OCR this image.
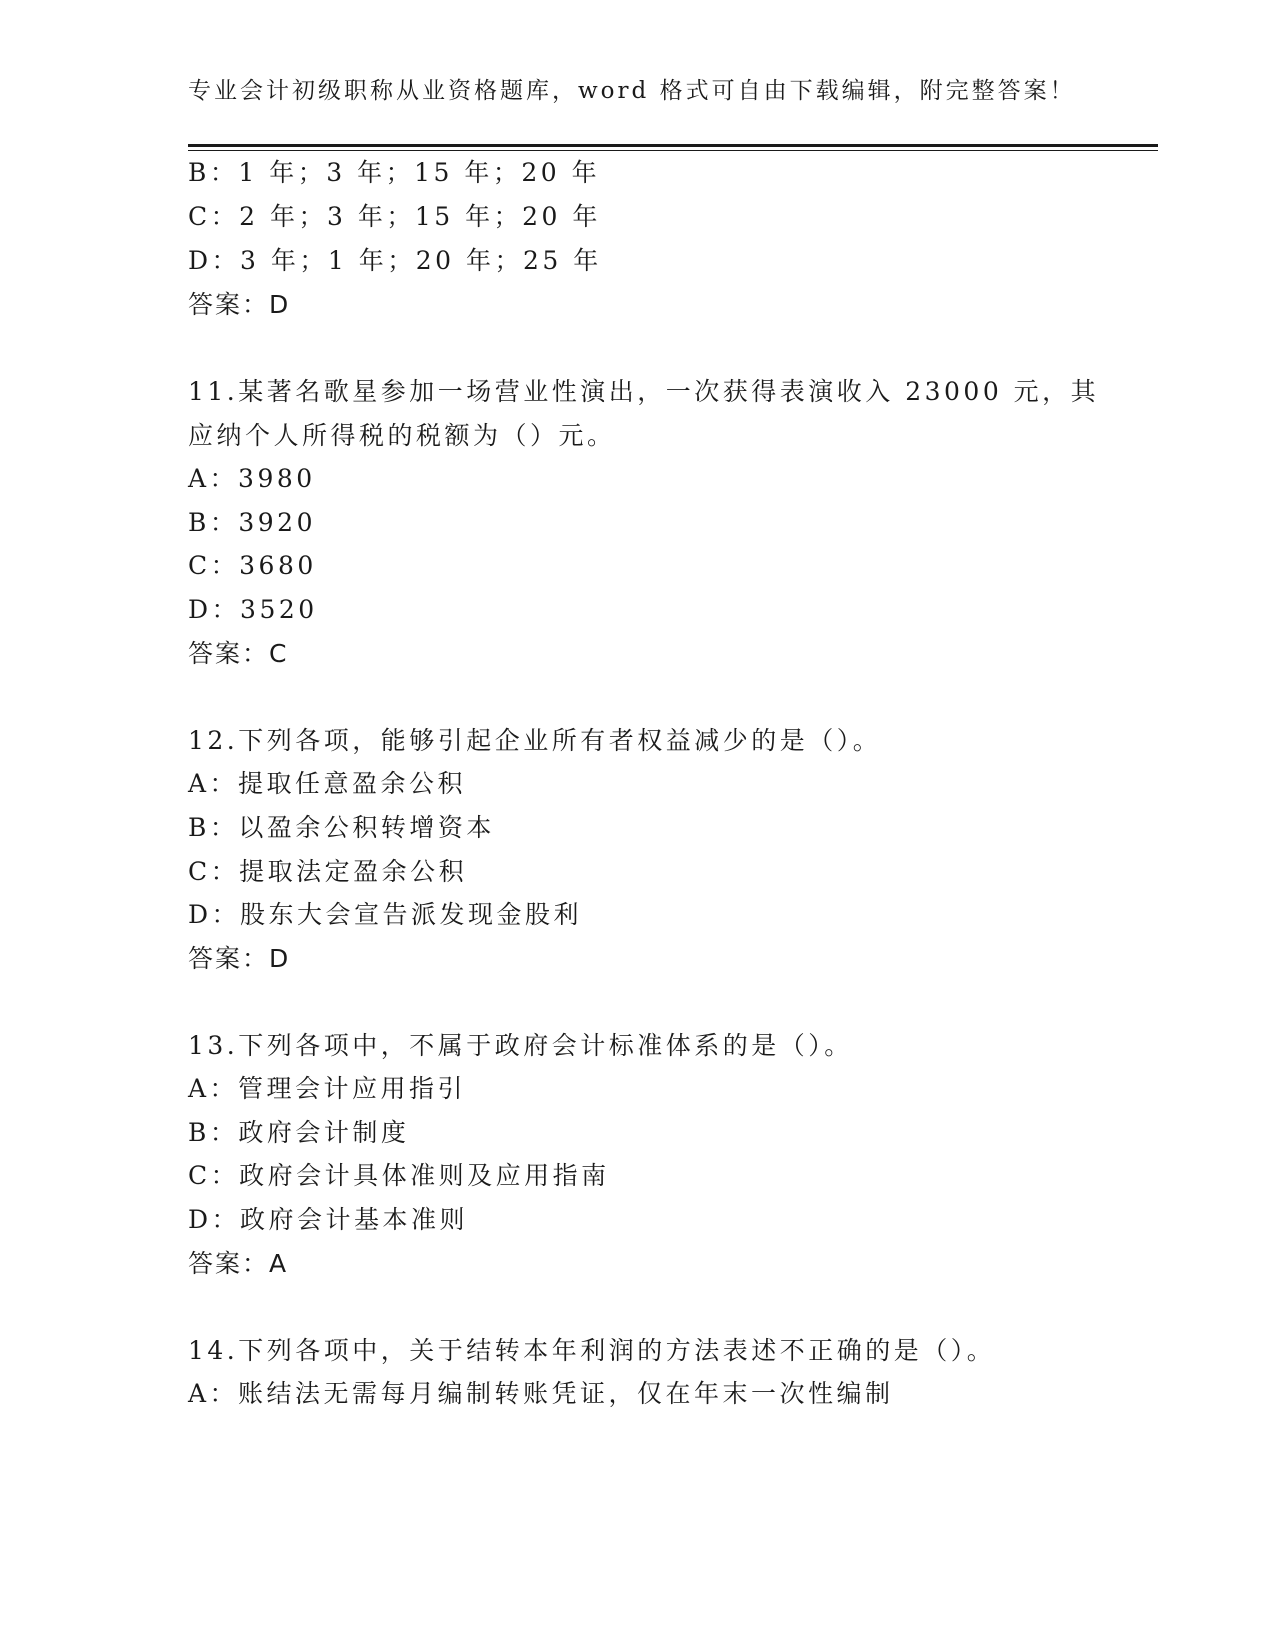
专业会计初级职称从业资格题库，word 格式可自由下载编辑，附完整答案！
B：1 年；3 年；15 年；20 年
C：2 年；3 年；15 年；20 年
D：3 年；1 年；20 年；25 年
答案：D
11.某著名歌星参加一场营业性演出，一次获得表演收入 23000 元，其
应纳个人所得税的税额为（）元。
A：3980
B：3920
C：3680
D：3520
答案：C
12.下列各项，能够引起企业所有者权益减少的是（）。
A：提取任意盈余公积
B：以盈余公积转增资本
C：提取法定盈余公积
D：股东大会宣告派发现金股利
答案：D
13.下列各项中，不属于政府会计标准体系的是（）。
A：管理会计应用指引
B：政府会计制度
C：政府会计具体准则及应用指南
D：政府会计基本准则
答案：A
14.下列各项中，关于结转本年利润的方法表述不正确的是（）。
A：账结法无需每月编制转账凭证，仅在年末一次性编制
